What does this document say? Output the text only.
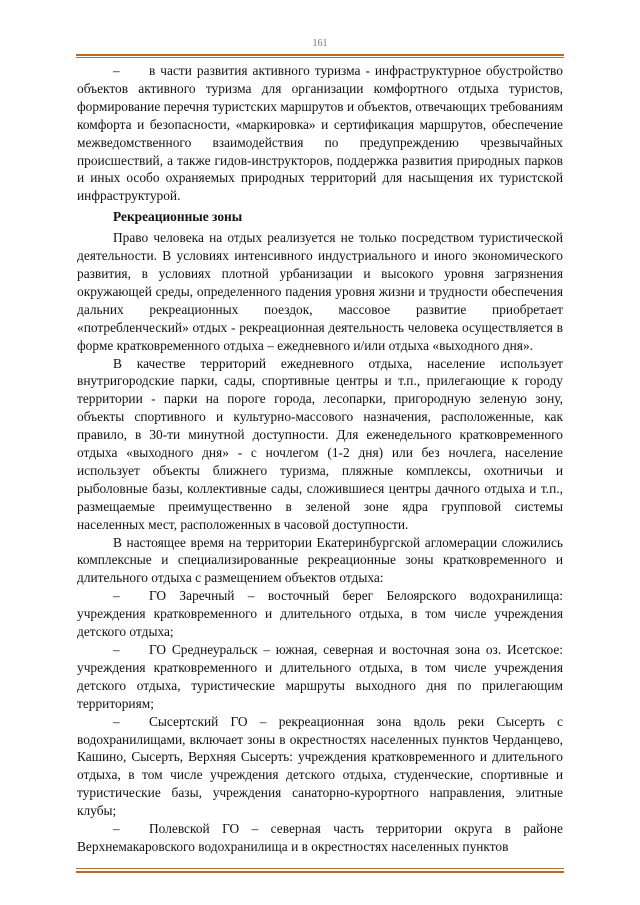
161

– в части развития активного туризма - инфраструктурное обустройство объектов активного туризма для организации комфортного отдыха туристов, формирование перечня туристских маршрутов и объектов, отвечающих требованиям комфорта и безопасности, «маркировка» и сертификация маршрутов, обеспечение межведомственного взаимодействия по предупреждению чрезвычайных происшествий, а также гидов-инструкторов, поддержка развития природных парков и иных особо охраняемых природных территорий для насыщения их туристской инфраструктурой.

Рекреационные зоны

Право человека на отдых реализуется не только посредством туристической деятельности. В условиях интенсивного индустриального и иного экономического развития, в условиях плотной урбанизации и высокого уровня загрязнения окружающей среды, определенного падения уровня жизни и трудности обеспечения дальних рекреационных поездок, массовое развитие приобретает «потребленческий» отдых - рекреационная деятельность человека осуществляется в форме кратковременного отдыха – ежедневного и/или отдыха «выходного дня».

В качестве территорий ежедневного отдыха, население использует внутригородские парки, сады, спортивные центры и т.п., прилегающие к городу территории - парки на пороге города, лесопарки, пригородную зеленую зону, объекты спортивного и культурно-массового назначения, расположенные, как правило, в 30-ти минутной доступности. Для еженедельного кратковременного отдыха «выходного дня» - с ночлегом (1-2 дня) или без ночлега, население использует объекты ближнего туризма, пляжные комплексы, охотничьи и рыболовные базы, коллективные сады, сложившиеся центры дачного отдыха и т.п., размещаемые преимущественно в зеленой зоне ядра групповой системы населенных мест, расположенных в часовой доступности.

В настоящее время на территории Екатеринбургской агломерации сложились комплексные и специализированные рекреационные зоны кратковременного и длительного отдыха с размещением объектов отдыха:

– ГО Заречный – восточный берег Белоярского водохранилища: учреждения кратковременного и длительного отдыха, в том числе учреждения детского отдыха;

– ГО Среднеуральск – южная, северная и восточная зона оз. Исетское: учреждения кратковременного и длительного отдыха, в том числе учреждения детского отдыха, туристические маршруты выходного дня по прилегающим территориям;

– Сысертский ГО – рекреационная зона вдоль реки Сысерть с водохранилищами, включает зоны в окрестностях населенных пунктов Черданцево, Кашино, Сысерть, Верхняя Сысерть: учреждения кратковременного и длительного отдыха, в том числе учреждения детского отдыха, студенческие, спортивные и туристические базы, учреждения санаторно-курортного направления, элитные клубы;

– Полевской ГО – северная часть территории округа в районе Верхнемакаровского водохранилища и в окрестностях населенных пунктов
